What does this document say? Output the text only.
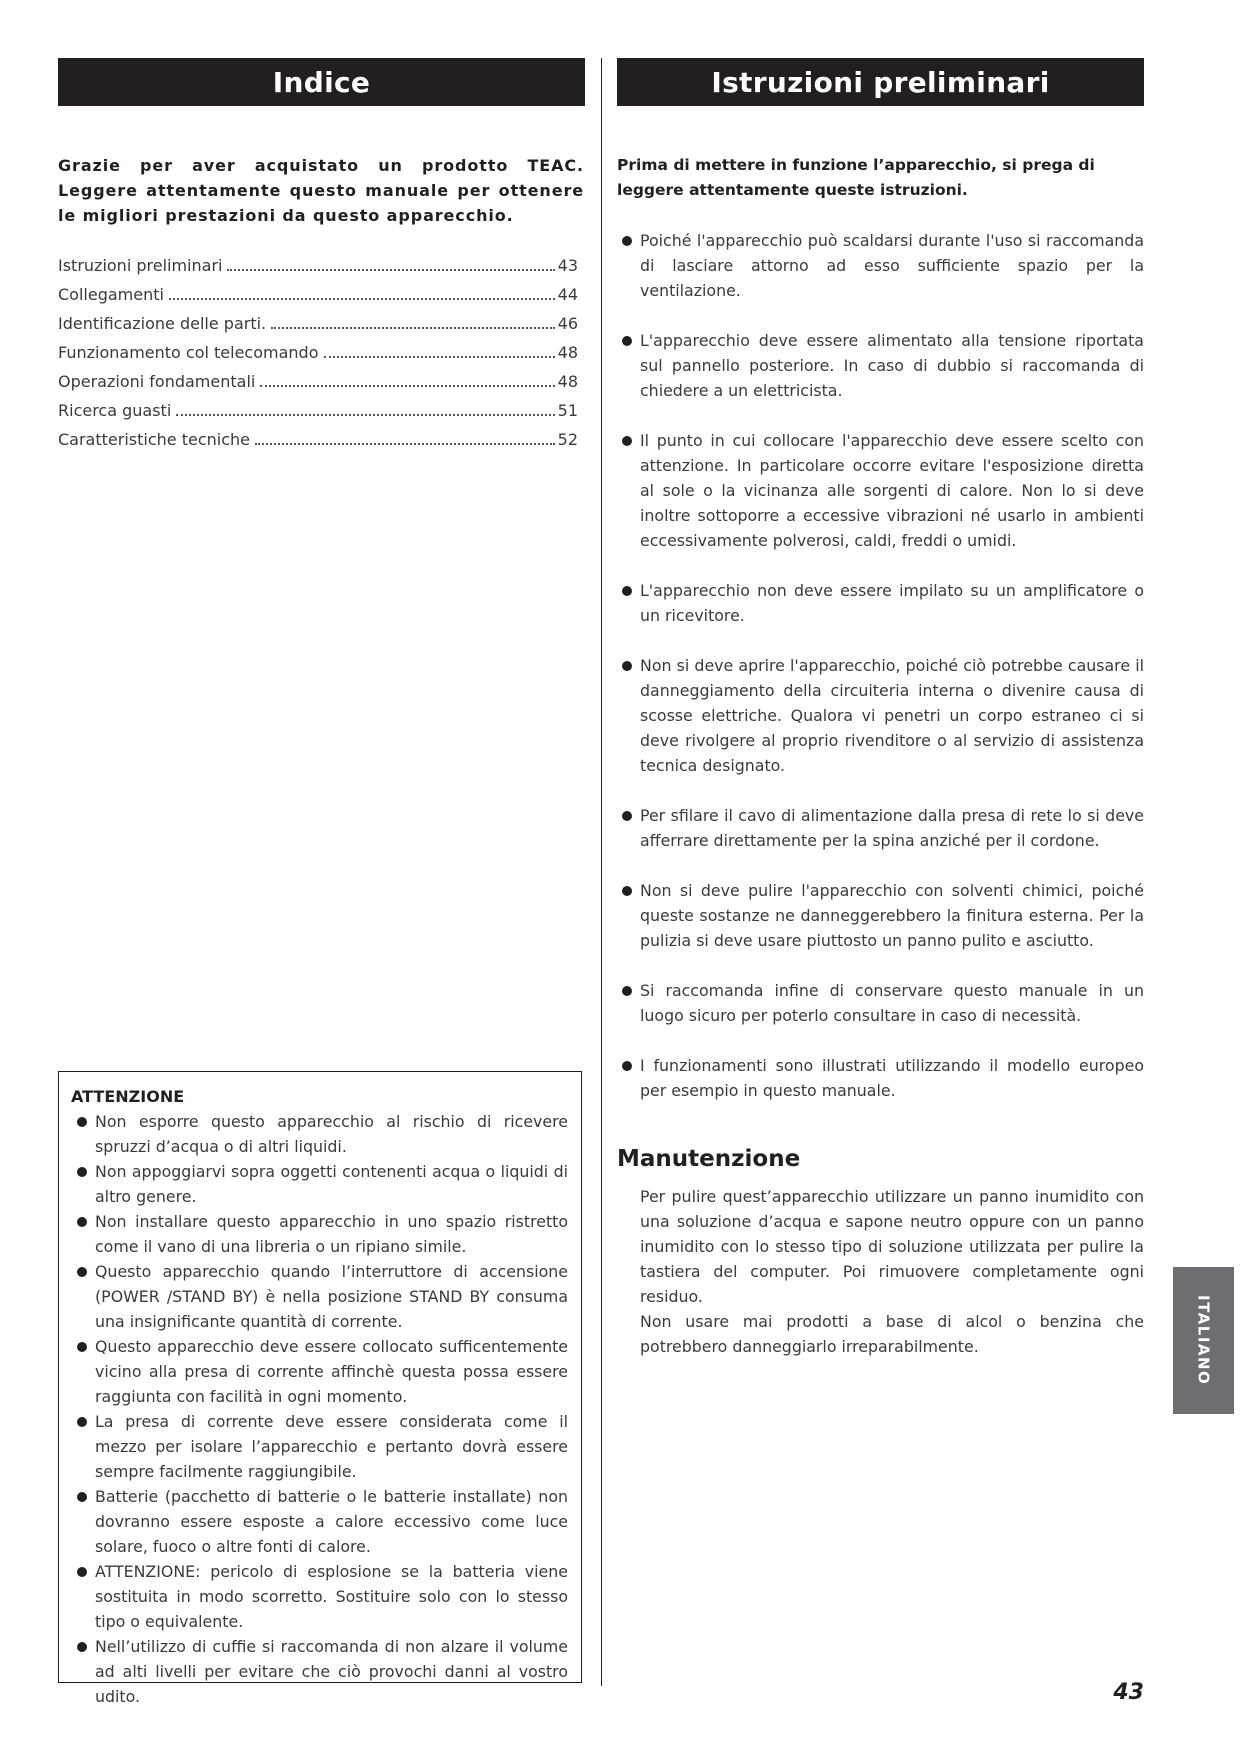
Indice
Grazie per aver acquistato un prodotto TEAC. Leggere attentamente questo manuale per ottenere le migliori prestazioni da questo apparecchio.
Istruzioni preliminari	43
Collegamenti	44
Identificazione delle parti.	46
Funzionamento col telecomando	48
Operazioni fondamentali	48
Ricerca guasti	51
Caratteristiche tecniche	52
ATTENZIONE
Non esporre questo apparecchio al rischio di ricevere spruzzi d’acqua o di altri liquidi.
Non appoggiarvi sopra oggetti contenenti acqua o liquidi di altro genere.
Non installare questo apparecchio in uno spazio ristretto come il vano di una libreria o un ripiano simile.
Questo apparecchio quando l’interruttore di accensione (POWER /STAND BY) è nella posizione STAND BY consuma una insignificante quantità di corrente.
Questo apparecchio deve essere collocato sufficentemente vicino alla presa di corrente affinchè questa possa essere raggiunta con facilità in ogni momento.
La presa di corrente deve essere considerata come il mezzo per isolare l’apparecchio e pertanto dovrà essere sempre facilmente raggiungibile.
Batterie (pacchetto di batterie o le batterie installate) non dovranno essere esposte a calore eccessivo come luce solare, fuoco o altre fonti di calore.
ATTENZIONE: pericolo di esplosione se la batteria viene sostituita in modo scorretto. Sostituire solo con lo stesso tipo o equivalente.
Nell’utilizzo di cuffie si raccomanda di non alzare il volume ad alti livelli per evitare che ciò provochi danni al vostro udito.
Istruzioni preliminari
Prima di mettere in funzione l’apparecchio, si prega di leggere attentamente queste istruzioni.
Poiché l'apparecchio può scaldarsi durante l'uso si raccomanda di lasciare attorno ad esso sufficiente spazio per la ventilazione.
L'apparecchio deve essere alimentato alla tensione riportata sul pannello posteriore. In caso di dubbio si raccomanda di chiedere a un elettricista.
Il punto in cui collocare l'apparecchio deve essere scelto con attenzione. In particolare occorre evitare l'esposizione diretta al sole o la vicinanza alle sorgenti di calore. Non lo si deve inoltre sottoporre a eccessive vibrazioni né usarlo in ambienti eccessivamente polverosi, caldi, freddi o umidi.
L'apparecchio non deve essere impilato su un amplificatore o un ricevitore.
Non si deve aprire l'apparecchio, poiché ciò potrebbe causare il danneggiamento della circuiteria interna o divenire causa di scosse elettriche. Qualora vi penetri un corpo estraneo ci si deve rivolgere al proprio rivenditore o al servizio di assistenza tecnica designato.
Per sfilare il cavo di alimentazione dalla presa di rete lo si deve afferrare direttamente per la spina anziché per il cordone.
Non si deve pulire l'apparecchio con solventi chimici, poiché queste sostanze ne danneggerebbero la finitura esterna. Per la pulizia si deve usare piuttosto un panno pulito e asciutto.
Si raccomanda infine di conservare questo manuale in un luogo sicuro per poterlo consultare in caso di necessità.
I funzionamenti sono illustrati utilizzando il modello europeo per esempio in questo manuale.
Manutenzione

Per pulire quest’apparecchio utilizzare un panno inumidito con una soluzione d’acqua e sapone neutro oppure con un panno inumidito con lo stesso tipo di soluzione utilizzata per pulire la tastiera del computer. Poi rimuovere completamente ogni residuo.

Non usare mai prodotti a base di alcol o benzina che potrebbero danneggiarlo irreparabilmente.	ITALIANO
43
